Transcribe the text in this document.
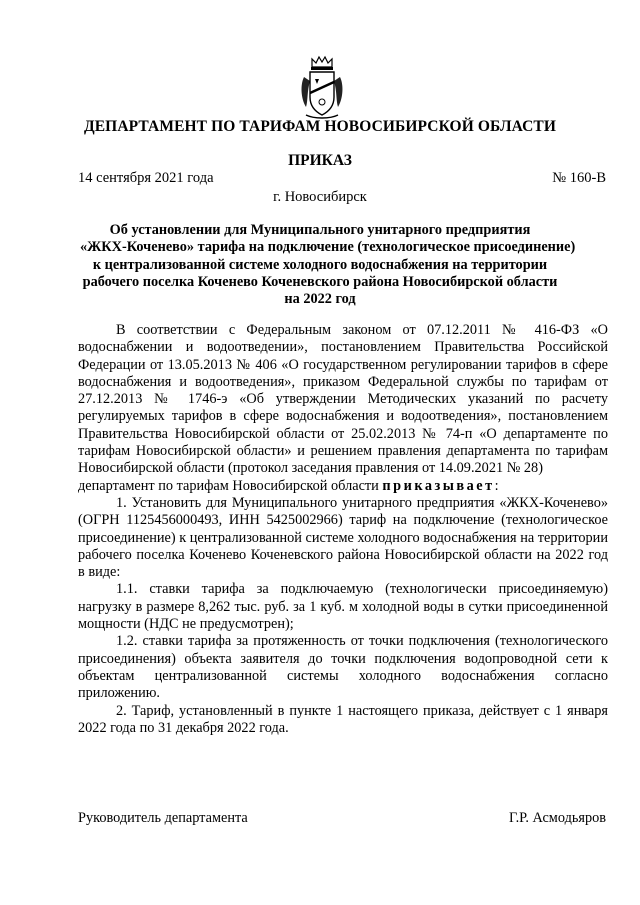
ДЕПАРТАМЕНТ ПО ТАРИФАМ НОВОСИБИРСКОЙ ОБЛАСТИ
ПРИКАЗ
14 сентября 2021 года	№ 160-В
г. Новосибирск
Об установлении для Муниципального унитарного предприятия
«ЖКХ-Коченево» тарифа на подключение (технологическое присоединение)
к централизованной системе холодного водоснабжения на территории
рабочего поселка Коченево Коченевского района Новосибирской области
на 2022 год

В соответствии с Федеральным законом от 07.12.2011 № 416-ФЗ «О водоснабжении и водоотведении», постановлением Правительства Российской Федерации от 13.05.2013 № 406 «О государственном регулировании тарифов в сфере водоснабжения и водоотведения», приказом Федеральной службы по тарифам от 27.12.2013 № 1746-э «Об утверждении Методических указаний по расчету регулируемых тарифов в сфере водоснабжения и водоотведения», постановлением Правительства Новосибирской области от 25.02.2013 № 74-п «О департаменте по тарифам Новосибирской области» и решением правления департамента по тарифам Новосибирской области (протокол заседания правления от 14.09.2021 № 28)

департамент по тарифам Новосибирской области приказывает:

1. Установить для Муниципального унитарного предприятия «ЖКХ-Коченево» (ОГРН 1125456000493, ИНН 5425002966) тариф на подключение (технологическое присоединение) к централизованной системе холодного водоснабжения на территории рабочего поселка Коченево Коченевского района Новосибирской области на 2022 год в виде:

1.1. ставки тарифа за подключаемую (технологически присоединяемую) нагрузку в размере 8,262 тыс. руб. за 1 куб. м холодной воды в сутки присоединенной мощности (НДС не предусмотрен);

1.2. ставки тарифа за протяженность от точки подключения (технологического присоединения) объекта заявителя до точки подключения водопроводной сети к объектам централизованной системы холодного водоснабжения согласно приложению.

2. Тариф, установленный в пункте 1 настоящего приказа, действует с 1 января 2022 года по 31 декабря 2022 года.

Руководитель департамента	Г.Р. Асмодьяров
